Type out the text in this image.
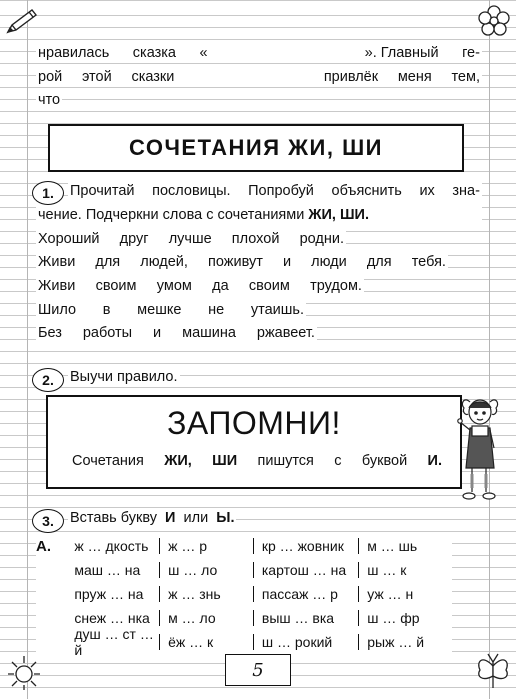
нравилась сказка «	». Главный ге-
рой этой сказки	привлёк меня тем,
что
СОЧЕТАНИЯ ЖИ, ШИ
1.	Прочитай пословицы. Попробуй объяснить их зна-
чение. Подчеркни слова с сочетаниями ЖИ, ШИ.
Хороший друг лучше плохой родни.
Живи для людей, поживут и люди для тебя.
Живи своим умом да своим трудом.
Шило в мешке не утаишь.
Без работы и машина ржавеет.
2.	Выучи правило.
ЗАПОМНИ!
Сочетания ЖИ, ШИ пишутся с буквой И.
3.	Вставь букву И или Ы.
А.	ж … дкость	ж … р	кр … жовник	м … шь
маш … на	ш … ло	картош … на	ш … к
пруж … на	ж … знь	пассаж … р	уж … н
снеж … нка	м … ло	выш … вка	ш … фр
душ … ст … й	ёж … к	ш … рокий	рыж … й
5
